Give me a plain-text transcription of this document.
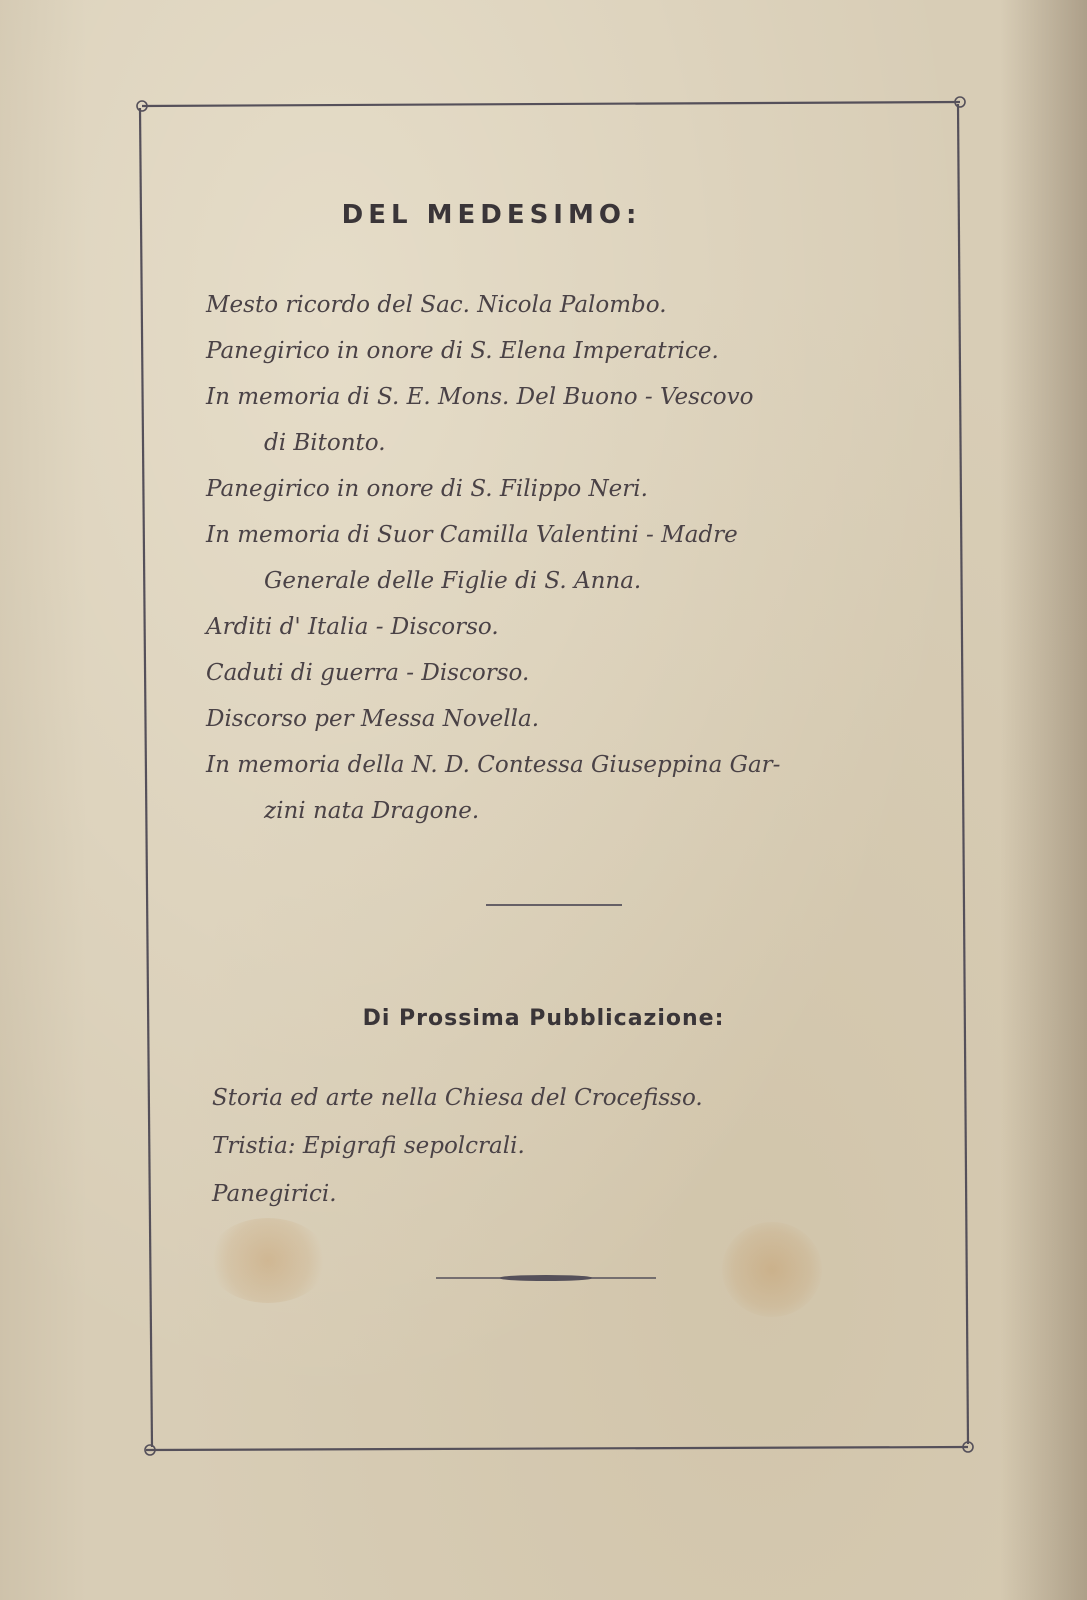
DEL MEDESIMO:
Mesto ricordo del Sac. Nicola Palombo.
Panegirico in onore di S. Elena Imperatrice.
In memoria di S. E. Mons. Del Buono - Vescovo
di Bitonto.
Panegirico in onore di S. Filippo Neri.
In memoria di Suor Camilla Valentini - Madre
Generale delle Figlie di S. Anna.
Arditi d' Italia - Discorso.
Caduti di guerra - Discorso.
Discorso per Messa Novella.
In memoria della N. D. Contessa Giuseppina Gar-
zini nata Dragone.
Di Prossima Pubblicazione:
Storia ed arte nella Chiesa del Crocefisso.
Tristia: Epigrafi sepolcrali.
Panegirici.
